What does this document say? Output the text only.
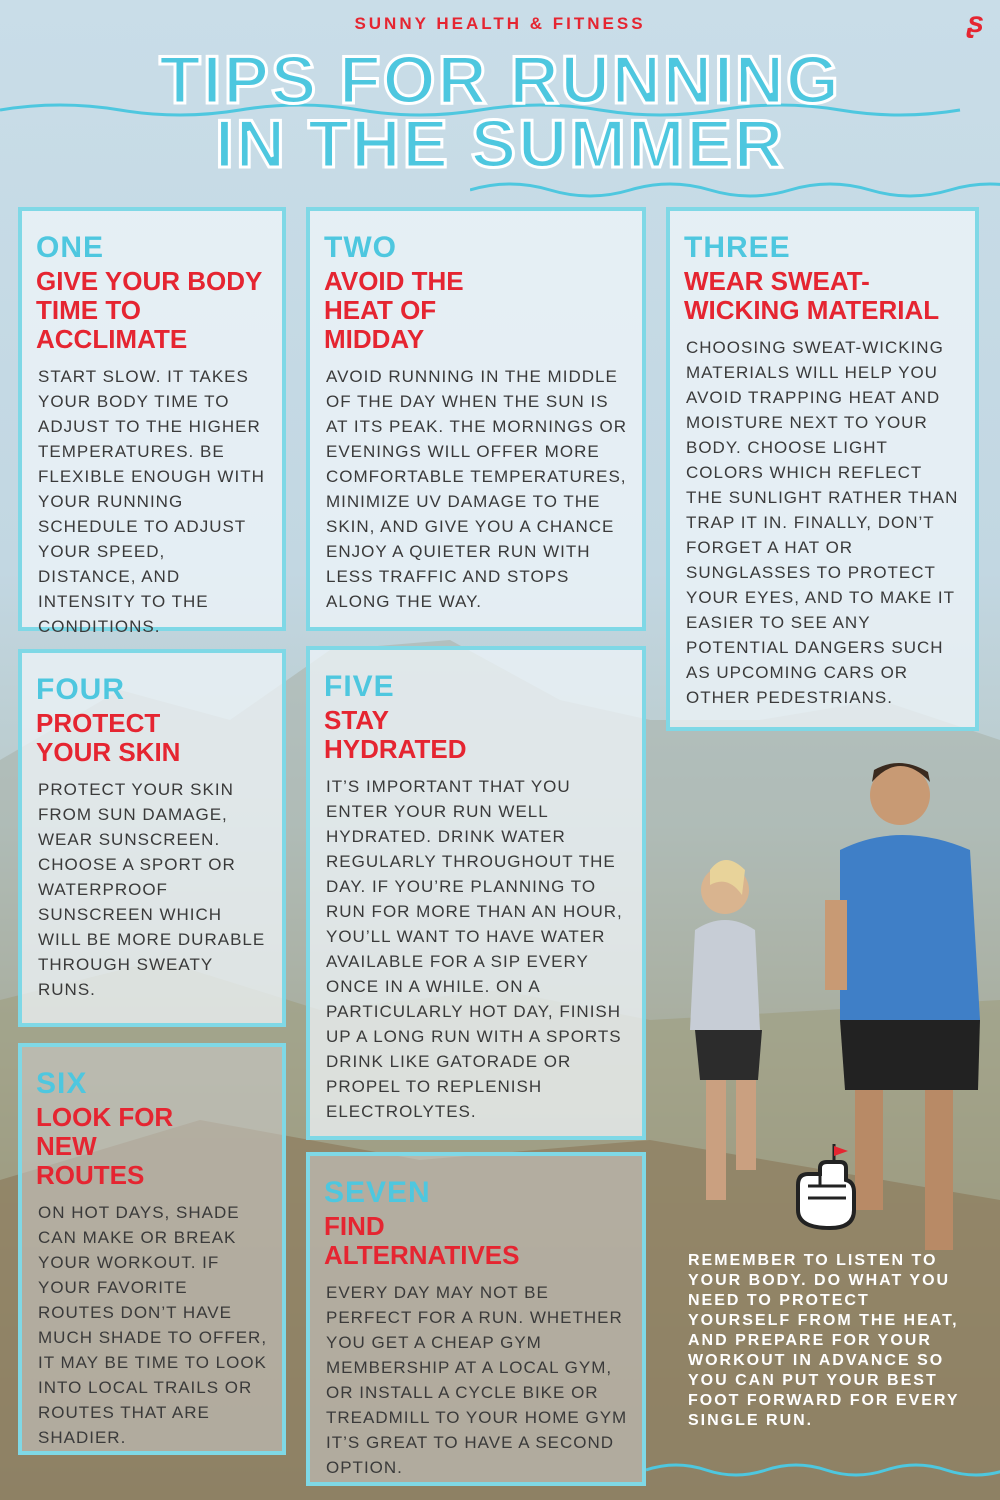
SUNNY HEALTH & FITNESS	ʂ
TIPS FOR RUNNING
IN THE SUMMER
ONE
GIVE YOUR BODY TIME TO ACCLIMATE
START SLOW. IT TAKES YOUR BODY TIME TO ADJUST TO THE HIGHER TEMPERATURES. BE FLEXIBLE ENOUGH WITH YOUR RUNNING SCHEDULE TO ADJUST YOUR SPEED, DISTANCE, AND INTENSITY TO THE CONDITIONS.
TWO
AVOID THE HEAT OF MIDDAY
AVOID RUNNING IN THE MIDDLE OF THE DAY WHEN THE SUN IS AT ITS PEAK. THE MORNINGS OR EVENINGS WILL OFFER MORE COMFORTABLE TEMPERATURES, MINIMIZE UV DAMAGE TO THE SKIN, AND GIVE YOU A CHANCE ENJOY A QUIETER RUN WITH LESS TRAFFIC AND STOPS ALONG THE WAY.
THREE
WEAR SWEAT-WICKING MATERIAL
CHOOSING SWEAT-WICKING MATERIALS WILL HELP YOU AVOID TRAPPING HEAT AND MOISTURE NEXT TO YOUR BODY. CHOOSE LIGHT COLORS WHICH REFLECT THE SUNLIGHT RATHER THAN TRAP IT IN. FINALLY, DON’T FORGET A HAT OR SUNGLASSES TO PROTECT YOUR EYES, AND TO MAKE IT EASIER TO SEE ANY POTENTIAL DANGERS SUCH AS UPCOMING CARS OR OTHER PEDESTRIANS.
FOUR
PROTECT YOUR SKIN
PROTECT YOUR SKIN FROM SUN DAMAGE, WEAR SUNSCREEN. CHOOSE A SPORT OR WATERPROOF SUNSCREEN WHICH WILL BE MORE DURABLE THROUGH SWEATY RUNS.
FIVE
STAY HYDRATED
IT’S IMPORTANT THAT YOU ENTER YOUR RUN WELL HYDRATED. DRINK WATER REGULARLY THROUGHOUT THE DAY. IF YOU’RE PLANNING TO RUN FOR MORE THAN AN HOUR, YOU’LL WANT TO HAVE WATER AVAILABLE FOR A SIP EVERY ONCE IN A WHILE. ON A PARTICULARLY HOT DAY, FINISH UP A LONG RUN WITH A SPORTS DRINK LIKE GATORADE OR PROPEL TO REPLENISH ELECTROLYTES.
SIX
LOOK FOR NEW ROUTES
ON HOT DAYS, SHADE CAN MAKE OR BREAK YOUR WORKOUT. IF YOUR FAVORITE ROUTES DON’T HAVE MUCH SHADE TO OFFER, IT MAY BE TIME TO LOOK INTO LOCAL TRAILS OR ROUTES THAT ARE SHADIER.
SEVEN
FIND ALTERNATIVES
EVERY DAY MAY NOT BE PERFECT FOR A RUN. WHETHER YOU GET A CHEAP GYM MEMBERSHIP AT A LOCAL GYM, OR INSTALL A CYCLE BIKE OR TREADMILL TO YOUR HOME GYM IT’S GREAT TO HAVE A SECOND OPTION.
REMEMBER TO LISTEN TO YOUR BODY. DO WHAT YOU NEED TO PROTECT YOURSELF FROM THE HEAT, AND PREPARE FOR YOUR WORKOUT IN ADVANCE SO YOU CAN PUT YOUR BEST FOOT FORWARD FOR EVERY SINGLE RUN.
